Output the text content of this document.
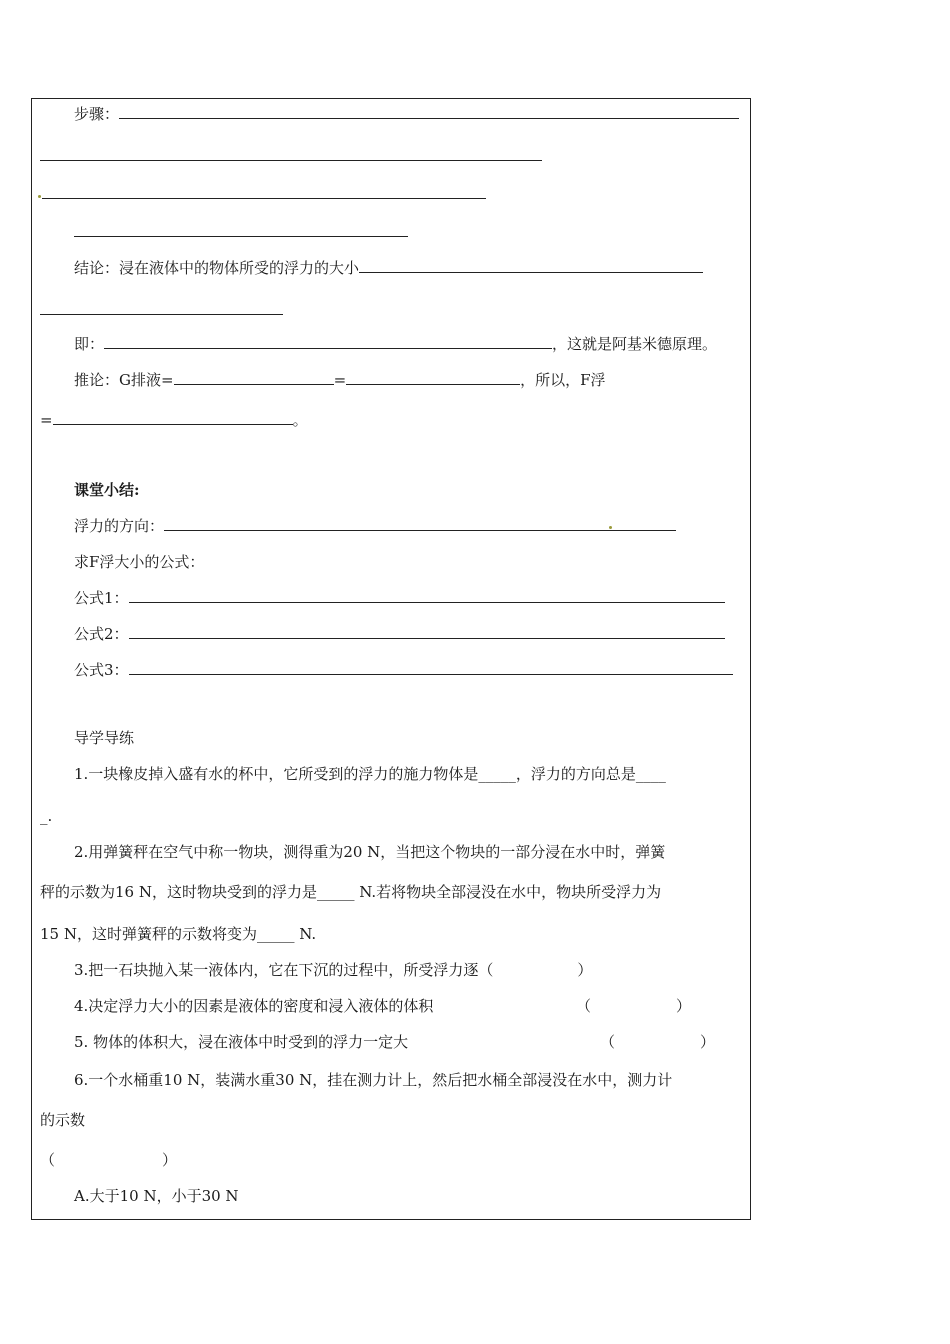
步骤：
结论：浸在液体中的物体所受的浮力的大小
即：	，这就是阿基米德原理。
推论：G排液=	=	，所以，F浮
=	。
课堂小结:
浮力的方向：
求F浮大小的公式：
公式1：
公式2：
公式3：
导学导练
1.一块橡皮掉入盛有水的杯中，它所受到的浮力的施力物体是_____，浮力的方向总是____
_.
2.用弹簧秤在空气中称一物块，测得重为20 N，当把这个物块的一部分浸在水中时，弹簧
秤的示数为16 N，这时物块受到的浮力是_____ N.若将物块全部浸没在水中，物块所受浮力为
15 N，这时弹簧秤的示数将变为_____ N.
3.把一石块抛入某一液体内，它在下沉的过程中，所受浮力逐（	）
4.决定浮力大小的因素是液体的密度和浸入液体的体积	（	）
5. 物体的体积大，浸在液体中时受到的浮力一定大	（	）
6.一个水桶重10 N，装满水重30 N，挂在测力计上，然后把水桶全部浸没在水中，测力计
的示数
（	）
A.大于10 N，小于30 N
